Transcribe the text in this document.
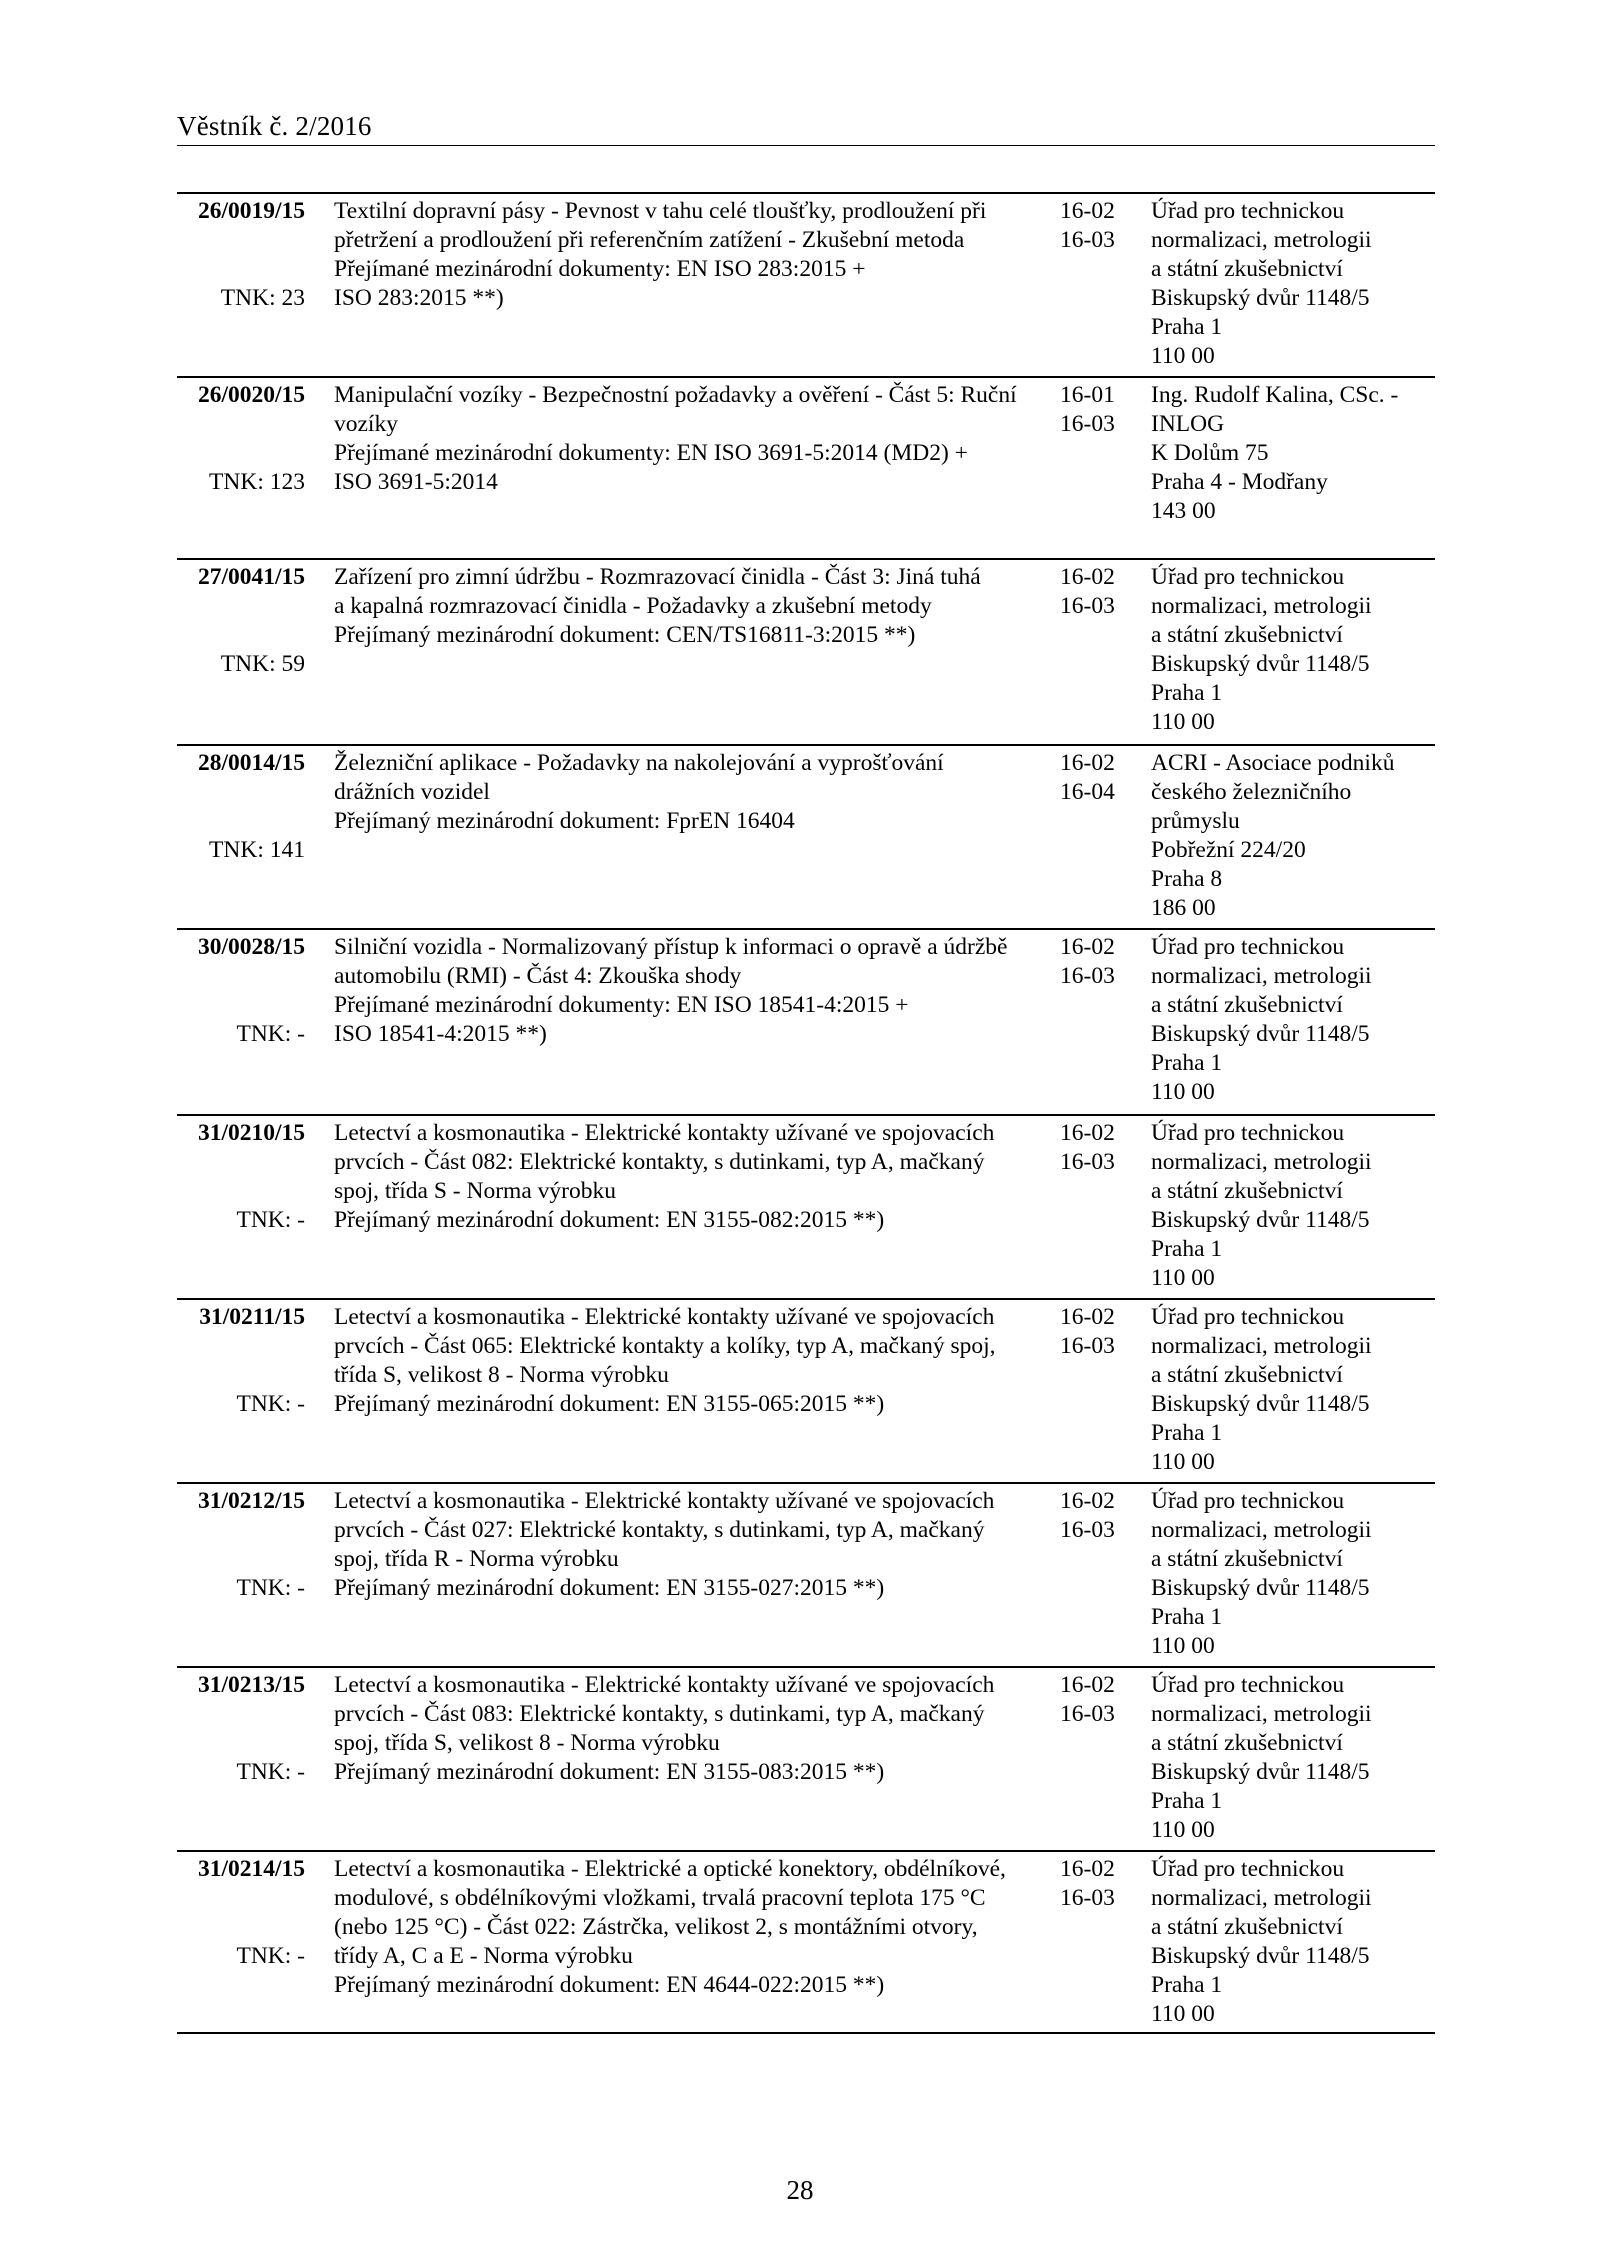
Věstník č. 2/2016
26/0019/15
TNK: 23
Textilní dopravní pásy - Pevnost v tahu celé tloušťky, prodloužení při
přetržení a prodloužení při referenčním zatížení - Zkušební metoda
Přejímané mezinárodní dokumenty: EN ISO 283:2015 +
ISO 283:2015 **)
16-02
16-03
Úřad pro technickou
normalizaci, metrologii
a státní zkušebnictví
Biskupský dvůr 1148/5
Praha 1
110 00
26/0020/15
TNK: 123
Manipulační vozíky - Bezpečnostní požadavky a ověření - Část 5: Ruční
vozíky
Přejímané mezinárodní dokumenty: EN ISO 3691-5:2014 (MD2) +
ISO 3691-5:2014
16-01
16-03
Ing. Rudolf Kalina, CSc. -
INLOG
K Dolům 75
Praha 4 - Modřany
143 00
27/0041/15
TNK: 59
Zařízení pro zimní údržbu - Rozmrazovací činidla - Část 3: Jiná tuhá
a kapalná rozmrazovací činidla - Požadavky a zkušební metody
Přejímaný mezinárodní dokument: CEN/TS16811-3:2015 **)
16-02
16-03
Úřad pro technickou
normalizaci, metrologii
a státní zkušebnictví
Biskupský dvůr 1148/5
Praha 1
110 00
28/0014/15
TNK: 141
Železniční aplikace - Požadavky na nakolejování a vyprošťování
drážních vozidel
Přejímaný mezinárodní dokument: FprEN 16404
16-02
16-04
ACRI - Asociace podniků
českého železničního
průmyslu
Pobřežní 224/20
Praha 8
186 00
30/0028/15
TNK: -
Silniční vozidla - Normalizovaný přístup k informaci o opravě a údržbě
automobilu (RMI) - Část 4: Zkouška shody
Přejímané mezinárodní dokumenty: EN ISO 18541-4:2015 +
ISO 18541-4:2015 **)
16-02
16-03
Úřad pro technickou
normalizaci, metrologii
a státní zkušebnictví
Biskupský dvůr 1148/5
Praha 1
110 00
31/0210/15
TNK: -
Letectví a kosmonautika - Elektrické kontakty užívané ve spojovacích
prvcích - Část 082: Elektrické kontakty, s dutinkami, typ A, mačkaný
spoj, třída S - Norma výrobku
Přejímaný mezinárodní dokument: EN 3155-082:2015 **)
16-02
16-03
Úřad pro technickou
normalizaci, metrologii
a státní zkušebnictví
Biskupský dvůr 1148/5
Praha 1
110 00
31/0211/15
TNK: -
Letectví a kosmonautika - Elektrické kontakty užívané ve spojovacích
prvcích - Část 065: Elektrické kontakty a kolíky, typ A, mačkaný spoj,
třída S, velikost 8 - Norma výrobku
Přejímaný mezinárodní dokument: EN 3155-065:2015 **)
16-02
16-03
Úřad pro technickou
normalizaci, metrologii
a státní zkušebnictví
Biskupský dvůr 1148/5
Praha 1
110 00
31/0212/15
TNK: -
Letectví a kosmonautika - Elektrické kontakty užívané ve spojovacích
prvcích - Část 027: Elektrické kontakty, s dutinkami, typ A, mačkaný
spoj, třída R - Norma výrobku
Přejímaný mezinárodní dokument: EN 3155-027:2015 **)
16-02
16-03
Úřad pro technickou
normalizaci, metrologii
a státní zkušebnictví
Biskupský dvůr 1148/5
Praha 1
110 00
31/0213/15
TNK: -
Letectví a kosmonautika - Elektrické kontakty užívané ve spojovacích
prvcích - Část 083: Elektrické kontakty, s dutinkami, typ A, mačkaný
spoj, třída S, velikost 8 - Norma výrobku
Přejímaný mezinárodní dokument: EN 3155-083:2015 **)
16-02
16-03
Úřad pro technickou
normalizaci, metrologii
a státní zkušebnictví
Biskupský dvůr 1148/5
Praha 1
110 00
31/0214/15
TNK: -
Letectví a kosmonautika - Elektrické a optické konektory, obdélníkové,
modulové, s obdélníkovými vložkami, trvalá pracovní teplota 175 °C
(nebo 125 °C) - Část 022: Zástrčka, velikost 2, s montážními otvory,
třídy A, C a E - Norma výrobku
Přejímaný mezinárodní dokument: EN 4644-022:2015 **)
16-02
16-03
Úřad pro technickou
normalizaci, metrologii
a státní zkušebnictví
Biskupský dvůr 1148/5
Praha 1
110 00
28
